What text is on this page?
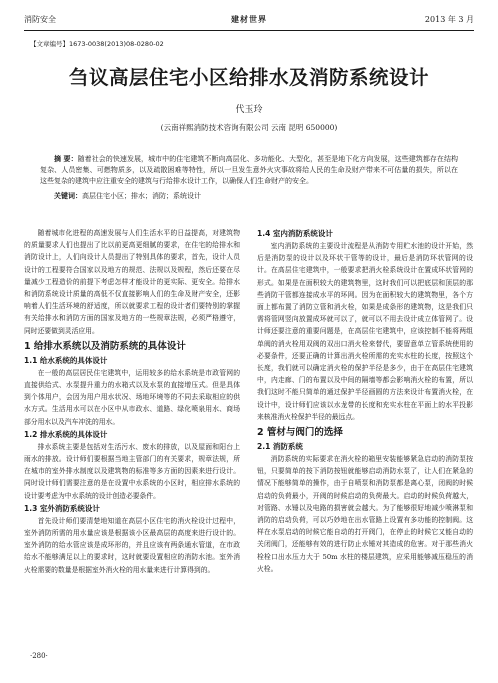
消防安全	建材世界	2013 年 3 月
【文章编号】1673-0038(2013)08-0280-02
刍议高层住宅小区给排水及消防系统设计
代玉玲
(云南祥熙消防技术咨询有限公司 云南 昆明 650000)
摘 要：随着社会的快速发展，城市中的住宅建筑不断向高层化、多功能化、大型化，甚至是地下化方向发展，这些建筑都存在结构复杂、人员密集、可燃物质多，以及疏散困难等特性，所以一旦发生意外火灾事故将给人民的生命及财产带来不可估量的损失，所以在这些复杂的建筑中应注重安全的建筑与行给排水设计工作，以确保人们生命财产的安全。
关键词：高层住宅小区；排水；消防；系统设计

随着城市化进程的高速发展与人们生活水平的日益提高，对建筑物的质量要求人们也提出了比以前更高更细腻的要求，在住宅的给排水和消防设计上，人们向设计人员提出了特别具体的要求，首先，设计人员设计的工程要符合国家以及地方的规范、法规以及规程，然后还要在尽量减少工程造价的前提下考虑怎样才能设计的更实际、更安全。给排水和消防系统设计质量的高低不仅直接影响人们的生命及财产安全，还影响着人们生活环境的舒适度，所以就要求工程的设计者们要特别的掌握有关给排水和消防方面的国家及地方的一些规章法规，必须严格遵守，同时还要做到灵活应用。

1 给排水系统以及消防系统的具体设计
1.1 给水系统的具体设计

在一般的高层居民住宅建筑中，运用较多的给水系统是市政管网的直接供给式、水泵提升重力的水箱式以及水泵的直接增压式。但是具体到个体用户，会因为用户用水状况、场地环境等的不同去采取相应的供水方式。生活用水可以在小区中从市政水、道路、绿化喷泉用水、商场部分用水以及汽车冲洗的用水。

1.2 排水系统的具体设计

排水系统主要是包括对生活污水、废水的排放，以及屋面和阳台上雨水的排放。设计师们要根据当地主管部门的有关要求，规章法规，所在城市的室外排水制度以及建筑物的标准等多方面的因素来进行设计。同时设计师们需要注意的是在设置中水系统的小区时，相应排水系统的设计要考虑为中水系统的设计创造必要条件。

1.3 室外消防系统设计

首先设计师们要清楚地知道在高层小区住宅的消火栓设计过程中，室外消防所需的用水量应该是根据该小区最高层的高度来进行设计的。室外消防的给水管应该是成环形的，并且应该有两条通水管道，在市政给水不能够满足以上的要求时，这时就要设置相应的消防水池。室外消火栓需要的数量是根据室外消火栓的用水量来进行计算得到的。

1.4 室内消防系统设计

室内消防系统的主要设计流程是从消防专用贮水池的设计开始，然后是消防泵的设计以及环状干管等的设计，最后是消防环状管网的设计。在高层住宅建筑中，一般要求把消火栓系统设计在置成环状管网的形式。如果是在面积较大的建筑物里，这时我们可以把底层和顶层的那些消防干管都连接成水平的环网。因为在面积较大的建筑物里，各个方面上都布置了消防立管和消火栓，如果是成条形的建筑物，这是我们只需将管网竖向放置成环就可以了，就可以不用去设计成立体管网了。设计师还要注意的重要问题是，在高层住宅建筑中，应该控制不能将两组单阀的消火栓用双阀的双出口消火栓来替代，要留意单立管系统使用的必要条件，还要正确的计算出消火栓所需的充实水柱的长度，按照这个长度，我们就可以确定消火栓的保护半径是多少，由于在高层住宅建筑中，内走廊、门的布置以及中间的隔墙等都会影响消火栓的布置，所以我们这时不能只简单的通过保护半径画圆的方法来设计布置消火栓，在设计中，设计师们应该以水龙带的长度和充实水柱在平面上的水平投影来核准消火栓保护半径的最远点。

2 管材与阀门的选择
2.1 消防系统

消防系统的实际要求在消火栓的箱里安装能够紧急启动的消防泵按钮，只要简单的按下消防按钮就能够启动消防水泵了，让人们在紧急的情况下能够简单的操作，由于自喷泵和消防泵都是离心泵，闭阀的时候启动的负荷最小，开阀的时候启动的负荷最大。启动的时候负荷越大，对管路、水锤以及电路的损害就会越大。为了能够很好地减少喷淋泵和消防的启动负荷，可以巧妙地在出水管路上设置有多功能的控制阀。这样在水泵启动的时候它能自动的打开阀门，在停止的时候它又能自动的关闭阀门，还能够有效的进行防止水锤对其造成的危害。对于那些消火栓栓口出水压力大于 50m 水柱的楼层建筑，应采用能够减压稳压的消火栓。

·280·
